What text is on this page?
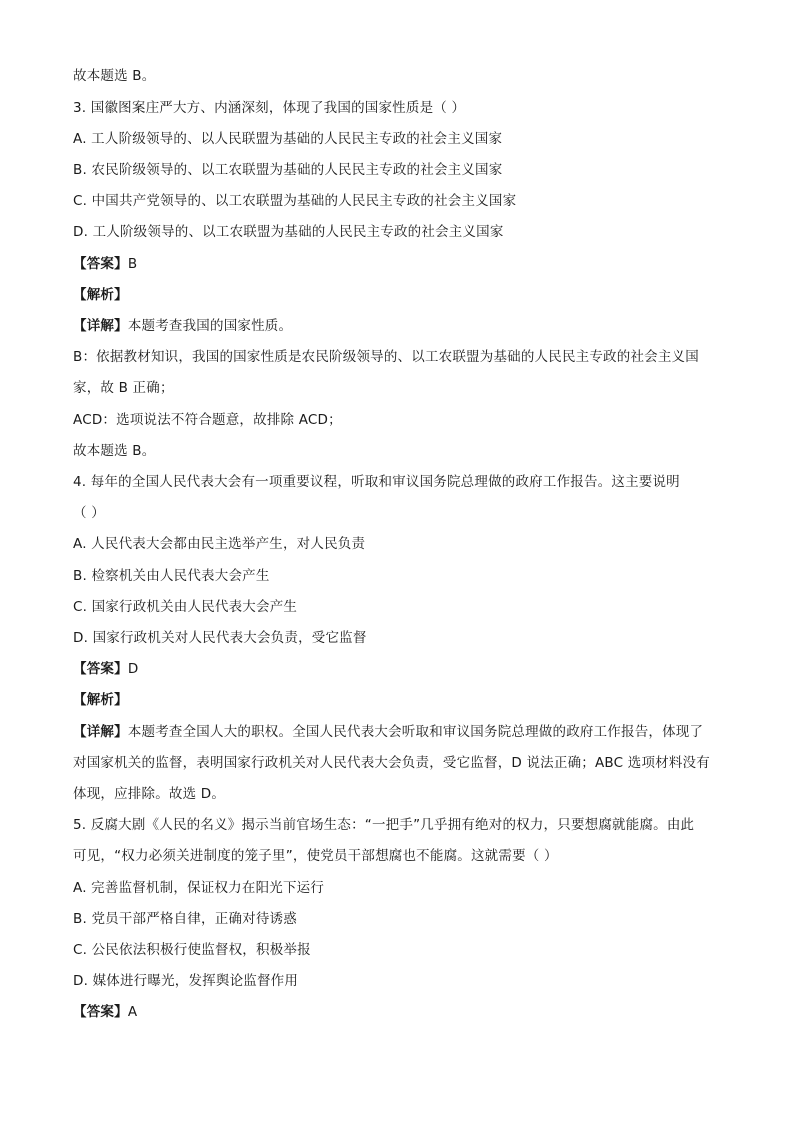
故本题选 B。
3. 国徽图案庄严大方、内涵深刻，体现了我国的国家性质是（ ）
A. 工人阶级领导的、以人民联盟为基础的人民民主专政的社会主义国家
B. 农民阶级领导的、以工农联盟为基础的人民民主专政的社会主义国家
C. 中国共产党领导的、以工农联盟为基础的人民民主专政的社会主义国家
D. 工人阶级领导的、以工农联盟为基础的人民民主专政的社会主义国家
【答案】B
【解析】
【详解】本题考查我国的国家性质。
B：依据教材知识，我国的国家性质是农民阶级领导的、以工农联盟为基础的人民民主专政的社会主义国
家，故 B 正确；
ACD：选项说法不符合题意，故排除 ACD；
故本题选 B。
4. 每年的全国人民代表大会有一项重要议程，听取和审议国务院总理做的政府工作报告。这主要说明
（ ）
A. 人民代表大会都由民主选举产生，对人民负责
B. 检察机关由人民代表大会产生
C. 国家行政机关由人民代表大会产生
D. 国家行政机关对人民代表大会负责，受它监督
【答案】D
【解析】
【详解】本题考查全国人大的职权。全国人民代表大会听取和审议国务院总理做的政府工作报告，体现了
对国家机关的监督，表明国家行政机关对人民代表大会负责，受它监督，D 说法正确；ABC 选项材料没有
体现，应排除。故选 D。
5. 反腐大剧《人民的名义》揭示当前官场生态：“一把手”几乎拥有绝对的权力，只要想腐就能腐。由此
可见，“权力必须关进制度的笼子里”，使党员干部想腐也不能腐。这就需要（ ）
A. 完善监督机制，保证权力在阳光下运行
B. 党员干部严格自律，正确对待诱惑
C. 公民依法积极行使监督权，积极举报
D. 媒体进行曝光，发挥舆论监督作用
【答案】A
